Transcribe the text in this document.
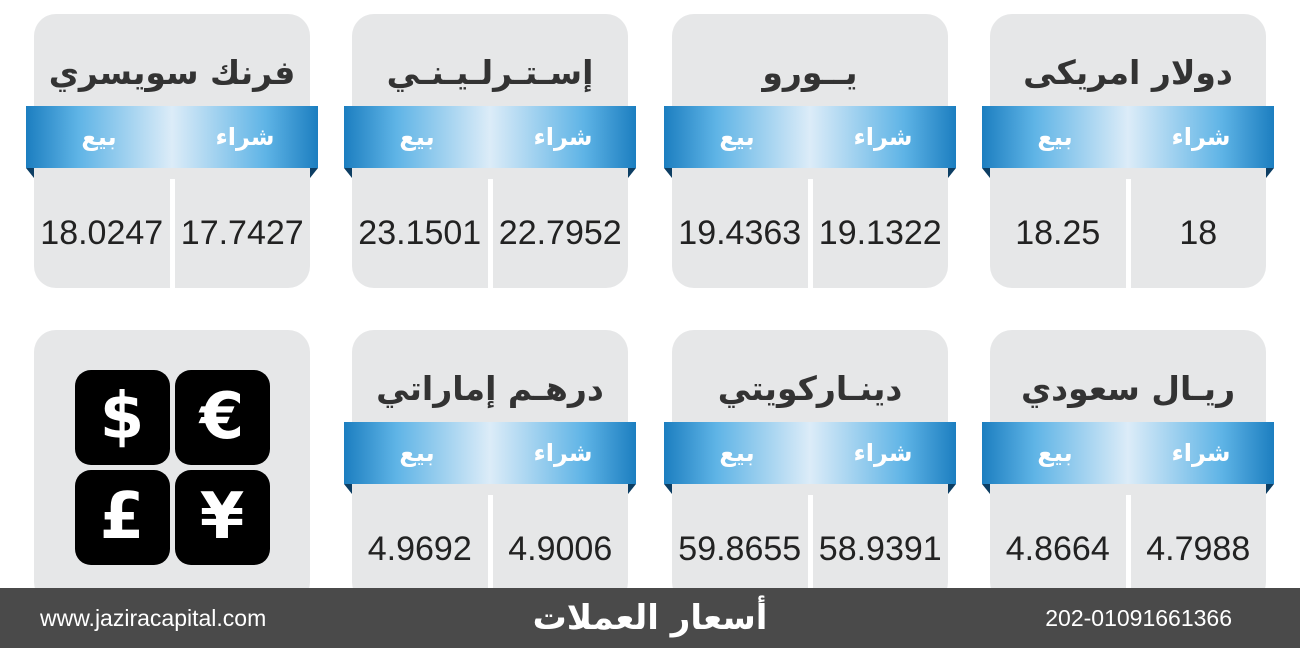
دولار امريكى
شراء
بيع
18
18.25
يــورو
شراء
بيع
19.1322
19.4363
إسـتـرلـيـنـي
شراء
بيع
22.7952
23.1501
فرنك سويسري
شراء
بيع
17.7427
18.0247
ريـال سعودي
شراء
بيع
4.7988
4.8664
دينـاركويتي
شراء
بيع
58.9391
59.8655
درهـم إماراتي
شراء
بيع
4.9006
4.9692
$ €
£ ¥
www.jaziracapital.com	أسعار العملات	202-01091661366
